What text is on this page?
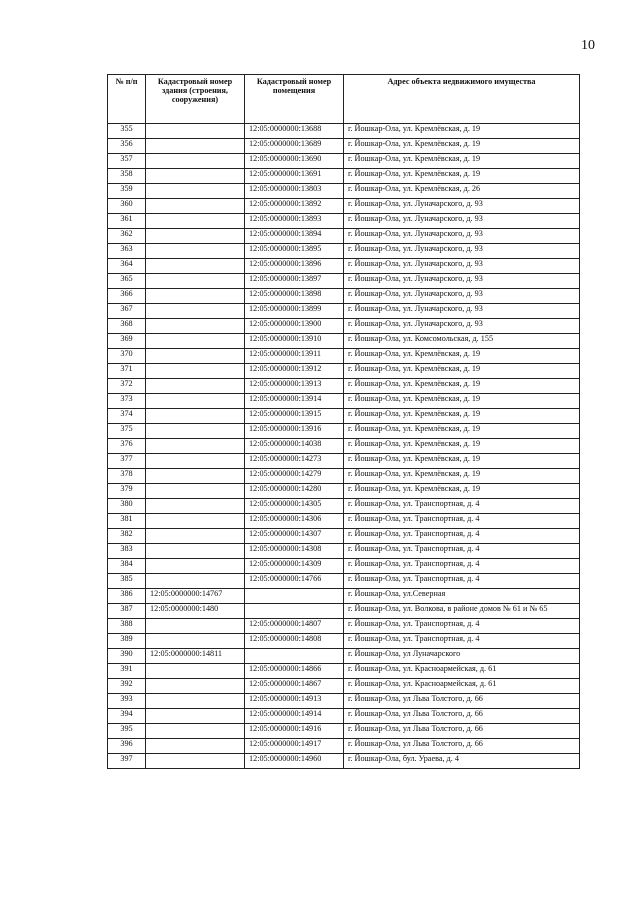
10
№ п/п	Кадастровый номер здания (строения, сооружения)	Кадастровый номер помещения	Адрес объекта недвижимого имущества
355		12:05:0000000:13688	г. Йошкар-Ола, ул. Кремлёвская, д. 19
356		12:05:0000000:13689	г. Йошкар-Ола, ул. Кремлёвская, д. 19
357		12:05:0000000:13690	г. Йошкар-Ола, ул. Кремлёвская, д. 19
358		12:05:0000000:13691	г. Йошкар-Ола, ул. Кремлёвская, д. 19
359		12:05:0000000:13803	г. Йошкар-Ола, ул. Кремлёвская, д. 26
360		12:05:0000000:13892	г. Йошкар-Ола, ул. Луначарского, д. 93
361		12:05:0000000:13893	г. Йошкар-Ола, ул. Луначарского, д. 93
362		12:05:0000000:13894	г. Йошкар-Ола, ул. Луначарского, д. 93
363		12:05:0000000:13895	г. Йошкар-Ола, ул. Луначарского, д. 93
364		12:05:0000000:13896	г. Йошкар-Ола, ул. Луначарского, д. 93
365		12:05:0000000:13897	г. Йошкар-Ола, ул. Луначарского, д. 93
366		12:05:0000000:13898	г. Йошкар-Ола, ул. Луначарского, д. 93
367		12:05:0000000:13899	г. Йошкар-Ола, ул. Луначарского, д. 93
368		12:05:0000000:13900	г. Йошкар-Ола, ул. Луначарского, д. 93
369		12:05:0000000:13910	г. Йошкар-Ола, ул. Комсомольская, д. 155
370		12:05:0000000:13911	г. Йошкар-Ола, ул. Кремлёвская, д. 19
371		12:05:0000000:13912	г. Йошкар-Ола, ул. Кремлёвская, д. 19
372		12:05:0000000:13913	г. Йошкар-Ола, ул. Кремлёвская, д. 19
373		12:05:0000000:13914	г. Йошкар-Ола, ул. Кремлёвская, д. 19
374		12:05:0000000:13915	г. Йошкар-Ола, ул. Кремлёвская, д. 19
375		12:05:0000000:13916	г. Йошкар-Ола, ул. Кремлёвская, д. 19
376		12:05:0000000:14038	г. Йошкар-Ола, ул. Кремлёвская, д. 19
377		12:05:0000000:14273	г. Йошкар-Ола, ул. Кремлёвская, д. 19
378		12:05:0000000:14279	г. Йошкар-Ола, ул. Кремлёвская, д. 19
379		12:05:0000000:14280	г. Йошкар-Ола, ул. Кремлёвская, д. 19
380		12:05:0000000:14305	г. Йошкар-Ола, ул. Транспортная, д. 4
381		12:05:0000000:14306	г. Йошкар-Ола, ул. Транспортная, д. 4
382		12:05:0000000:14307	г. Йошкар-Ола, ул. Транспортная, д. 4
383		12:05:0000000:14308	г. Йошкар-Ола, ул. Транспортная, д. 4
384		12:05:0000000:14309	г. Йошкар-Ола, ул. Транспортная, д. 4
385		12:05:0000000:14766	г. Йошкар-Ола, ул. Транспортная, д. 4
386	12:05:0000000:14767		г. Йошкар-Ола, ул.Северная
387	12:05:0000000:1480		г. Йошкар-Ола, ул. Волкова, в районе домов № 61 и № 65
388		12:05:0000000:14807	г. Йошкар-Ола, ул. Транспортная, д. 4
389		12:05:0000000:14808	г. Йошкар-Ола, ул. Транспортная, д. 4
390	12:05:0000000:14811		г. Йошкар-Ола, ул Луначарского
391		12:05:0000000:14866	г. Йошкар-Ола, ул. Красноармейская, д. 61
392		12:05:0000000:14867	г. Йошкар-Ола, ул. Красноармейская, д. 61
393		12:05:0000000:14913	г. Йошкар-Ола, ул Льва Толстого, д. 66
394		12:05:0000000:14914	г. Йошкар-Ола, ул Льва Толстого, д. 66
395		12:05:0000000:14916	г. Йошкар-Ола, ул Льва Толстого, д. 66
396		12:05:0000000:14917	г. Йошкар-Ола, ул Льва Толстого, д. 66
397		12:05:0000000:14960	г. Йошкар-Ола, бул. Ураева, д. 4
